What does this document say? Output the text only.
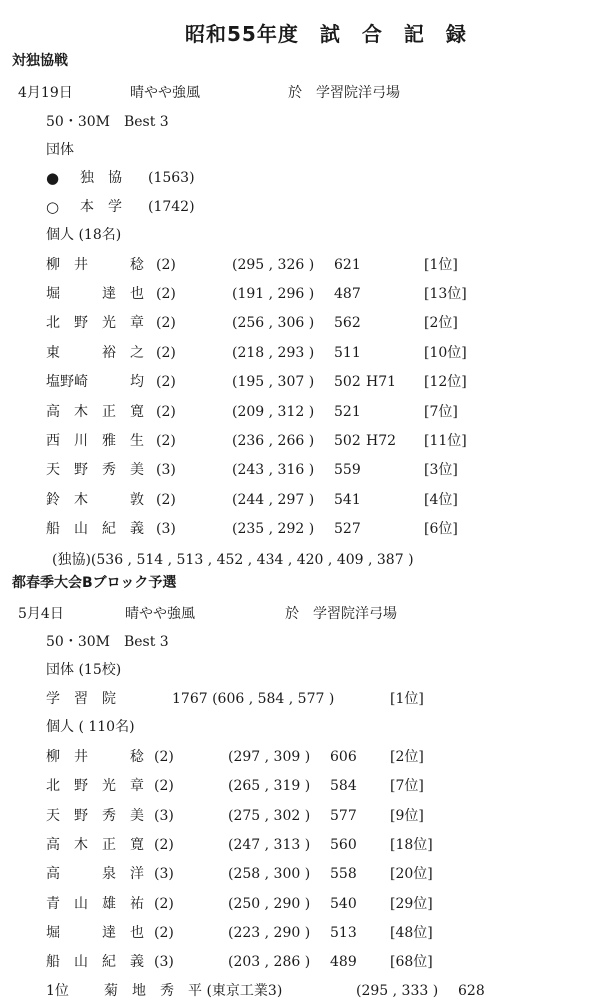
昭和55年度　試　合　記　録
対独協戦
4月19日	晴やや強風	於　学習院洋弓場
50・30M　Best 3
団体
● 独　協 (1563)
○ 本　学 (1742)
個人 (18名)
柳　井　　　稔 (2)	(295 , 326 ) 621	[1位]
堀　　　達　也 (2)	(191 , 296 ) 487	[13位]
北　野　光　章 (2)	(256 , 306 ) 562	[2位]
東　　　裕　之 (2)	(218 , 293 ) 511	[10位]
塩野崎　　　均 (2)	(195 , 307 ) 502 H71 [12位]
高　木　正　寛 (2)	(209 , 312 ) 521	[7位]
西　川　雅　生 (2)	(236 , 266 ) 502 H72 [11位]
天　野　秀　美 (3)	(243 , 316 ) 559	[3位]
鈴　木　　　敦 (2)	(244 , 297 ) 541	[4位]
船　山　紀　義 (3)	(235 , 292 ) 527	[6位]
(独協)(536 , 514 , 513 , 452 , 434 , 420 , 409 , 387 )
都春季大会Bブロック予選
5月4日	晴やや強風	於　学習院洋弓場
50・30M　Best 3
団体 (15校)
学　習　院	1767 (606 , 584 , 577 )	[1位]
個人 ( 110名)
柳　井　　　稔 (2)	(297 , 309 ) 606 [2位]
北　野　光　章 (2)	(265 , 319 ) 584 [7位]
天　野　秀　美 (3)	(275 , 302 ) 577 [9位]
高　木　正　寛 (2)	(247 , 313 ) 560 [18位]
高　　　泉　洋 (3)	(258 , 300 ) 558 [20位]
青　山　雄　祐 (2)	(250 , 290 ) 540 [29位]
堀　　　達　也 (2)	(223 , 290 ) 513 [48位]
船　山　紀　義 (3)	(203 , 286 ) 489 [68位]
1位	菊　地　秀　平 (東京工業3)	(295 , 333 ) 628
